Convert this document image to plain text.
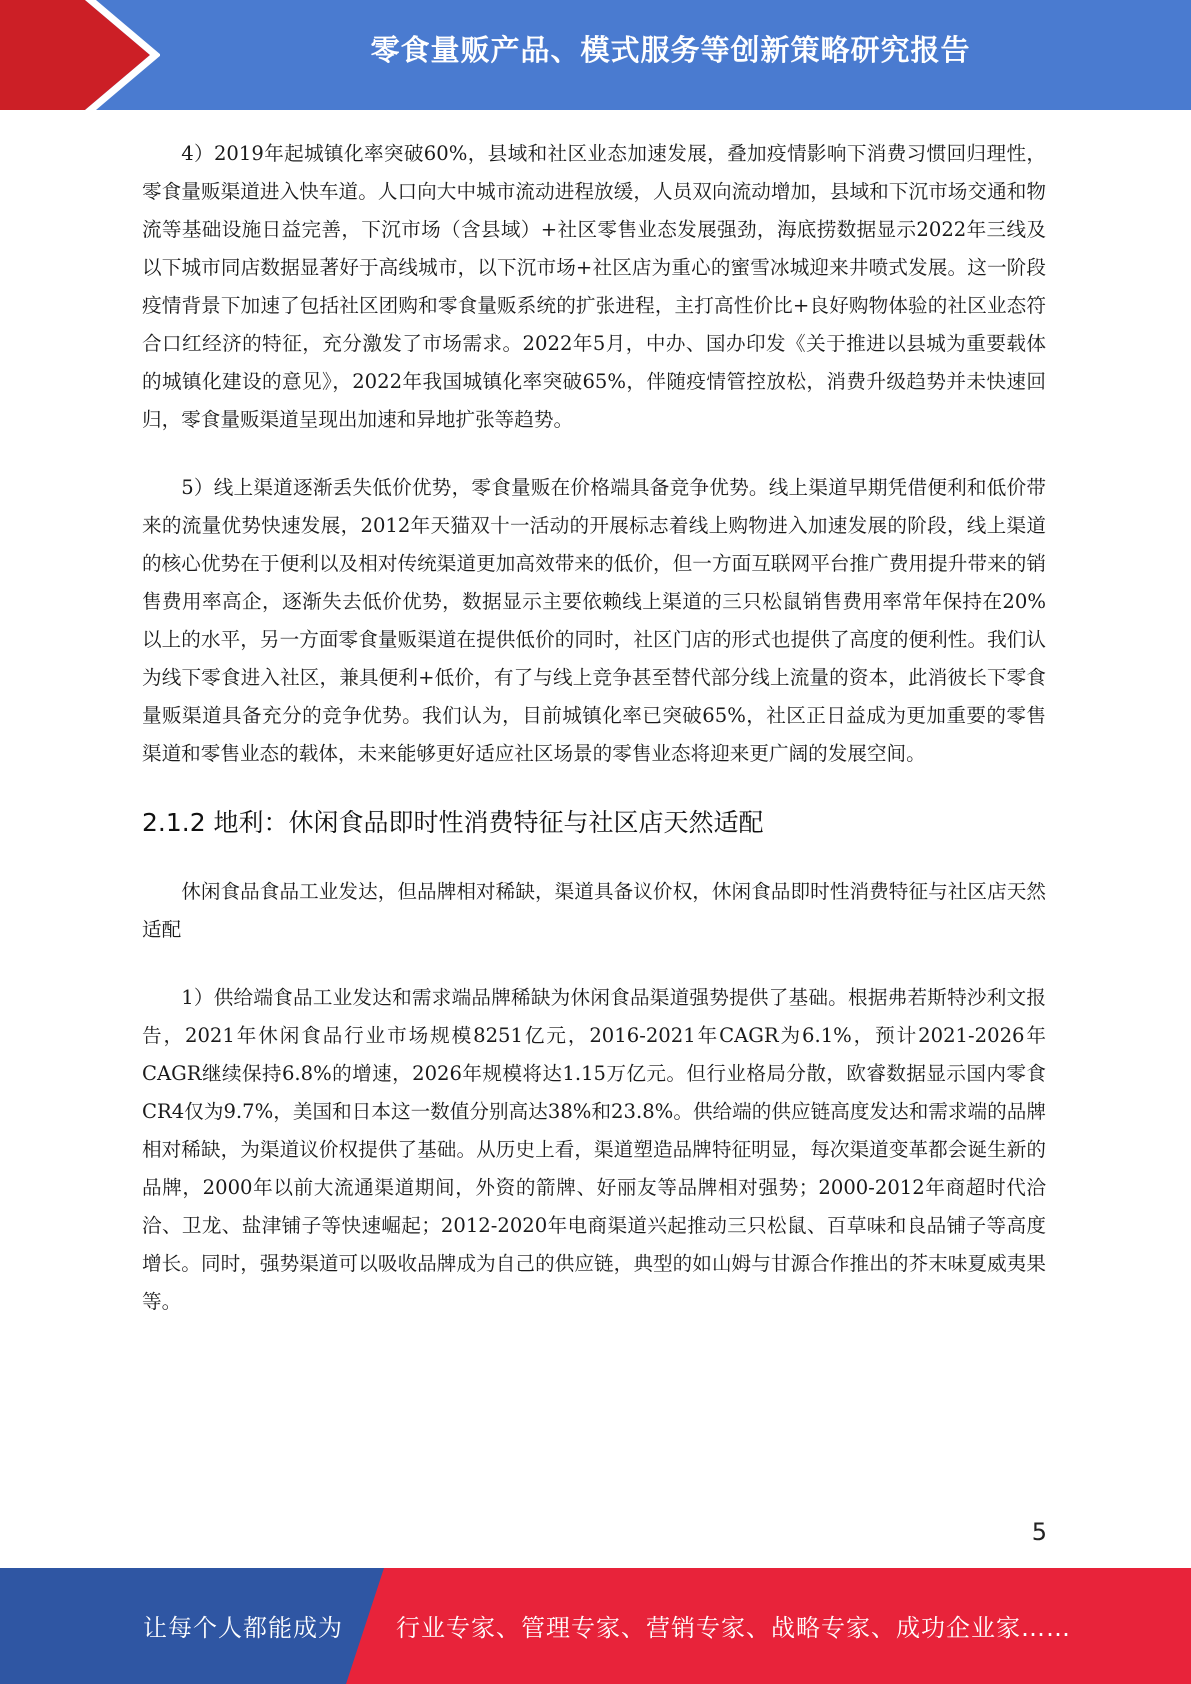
零食量贩产品、模式服务等创新策略研究报告

4）2019年起城镇化率突破60%，县域和社区业态加速发展，叠加疫情影响下消费习惯回归理性，零食量贩渠道进入快车道。人口向大中城市流动进程放缓，人员双向流动增加，县域和下沉市场交通和物流等基础设施日益完善，下沉市场（含县域）+社区零售业态发展强劲，海底捞数据显示2022年三线及以下城市同店数据显著好于高线城市，以下沉市场+社区店为重心的蜜雪冰城迎来井喷式发展。这一阶段疫情背景下加速了包括社区团购和零食量贩系统的扩张进程，主打高性价比+良好购物体验的社区业态符合口红经济的特征，充分激发了市场需求。2022年5月，中办、国办印发《关于推进以县城为重要载体的城镇化建设的意见》，2022年我国城镇化率突破65%，伴随疫情管控放松，消费升级趋势并未快速回归，零食量贩渠道呈现出加速和异地扩张等趋势。

5）线上渠道逐渐丢失低价优势，零食量贩在价格端具备竞争优势。线上渠道早期凭借便利和低价带来的流量优势快速发展，2012年天猫双十一活动的开展标志着线上购物进入加速发展的阶段，线上渠道的核心优势在于便利以及相对传统渠道更加高效带来的低价，但一方面互联网平台推广费用提升带来的销售费用率高企，逐渐失去低价优势，数据显示主要依赖线上渠道的三只松鼠销售费用率常年保持在20%以上的水平，另一方面零食量贩渠道在提供低价的同时，社区门店的形式也提供了高度的便利性。我们认为线下零食进入社区，兼具便利+低价，有了与线上竞争甚至替代部分线上流量的资本，此消彼长下零食量贩渠道具备充分的竞争优势。我们认为，目前城镇化率已突破65%，社区正日益成为更加重要的零售渠道和零售业态的载体，未来能够更好适应社区场景的零售业态将迎来更广阔的发展空间。

2.1.2 地利：休闲食品即时性消费特征与社区店天然适配

休闲食品食品工业发达，但品牌相对稀缺，渠道具备议价权，休闲食品即时性消费特征与社区店天然适配

1）供给端食品工业发达和需求端品牌稀缺为休闲食品渠道强势提供了基础。根据弗若斯特沙利文报告，2021年休闲食品行业市场规模8251亿元，2016-2021年CAGR为6.1%，预计2021-2026年CAGR继续保持6.8%的增速，2026年规模将达1.15万亿元。但行业格局分散，欧睿数据显示国内零食CR4仅为9.7%，美国和日本这一数值分别高达38%和23.8%。供给端的供应链高度发达和需求端的品牌相对稀缺，为渠道议价权提供了基础。从历史上看，渠道塑造品牌特征明显，每次渠道变革都会诞生新的品牌，2000年以前大流通渠道期间，外资的箭牌、好丽友等品牌相对强势；2000-2012年商超时代洽洽、卫龙、盐津铺子等快速崛起；2012-2020年电商渠道兴起推动三只松鼠、百草味和良品铺子等高度增长。同时，强势渠道可以吸收品牌成为自己的供应链，典型的如山姆与甘源合作推出的芥末味夏威夷果等。

5
让每个人都能成为 行业专家、管理专家、营销专家、战略专家、成功企业家……
